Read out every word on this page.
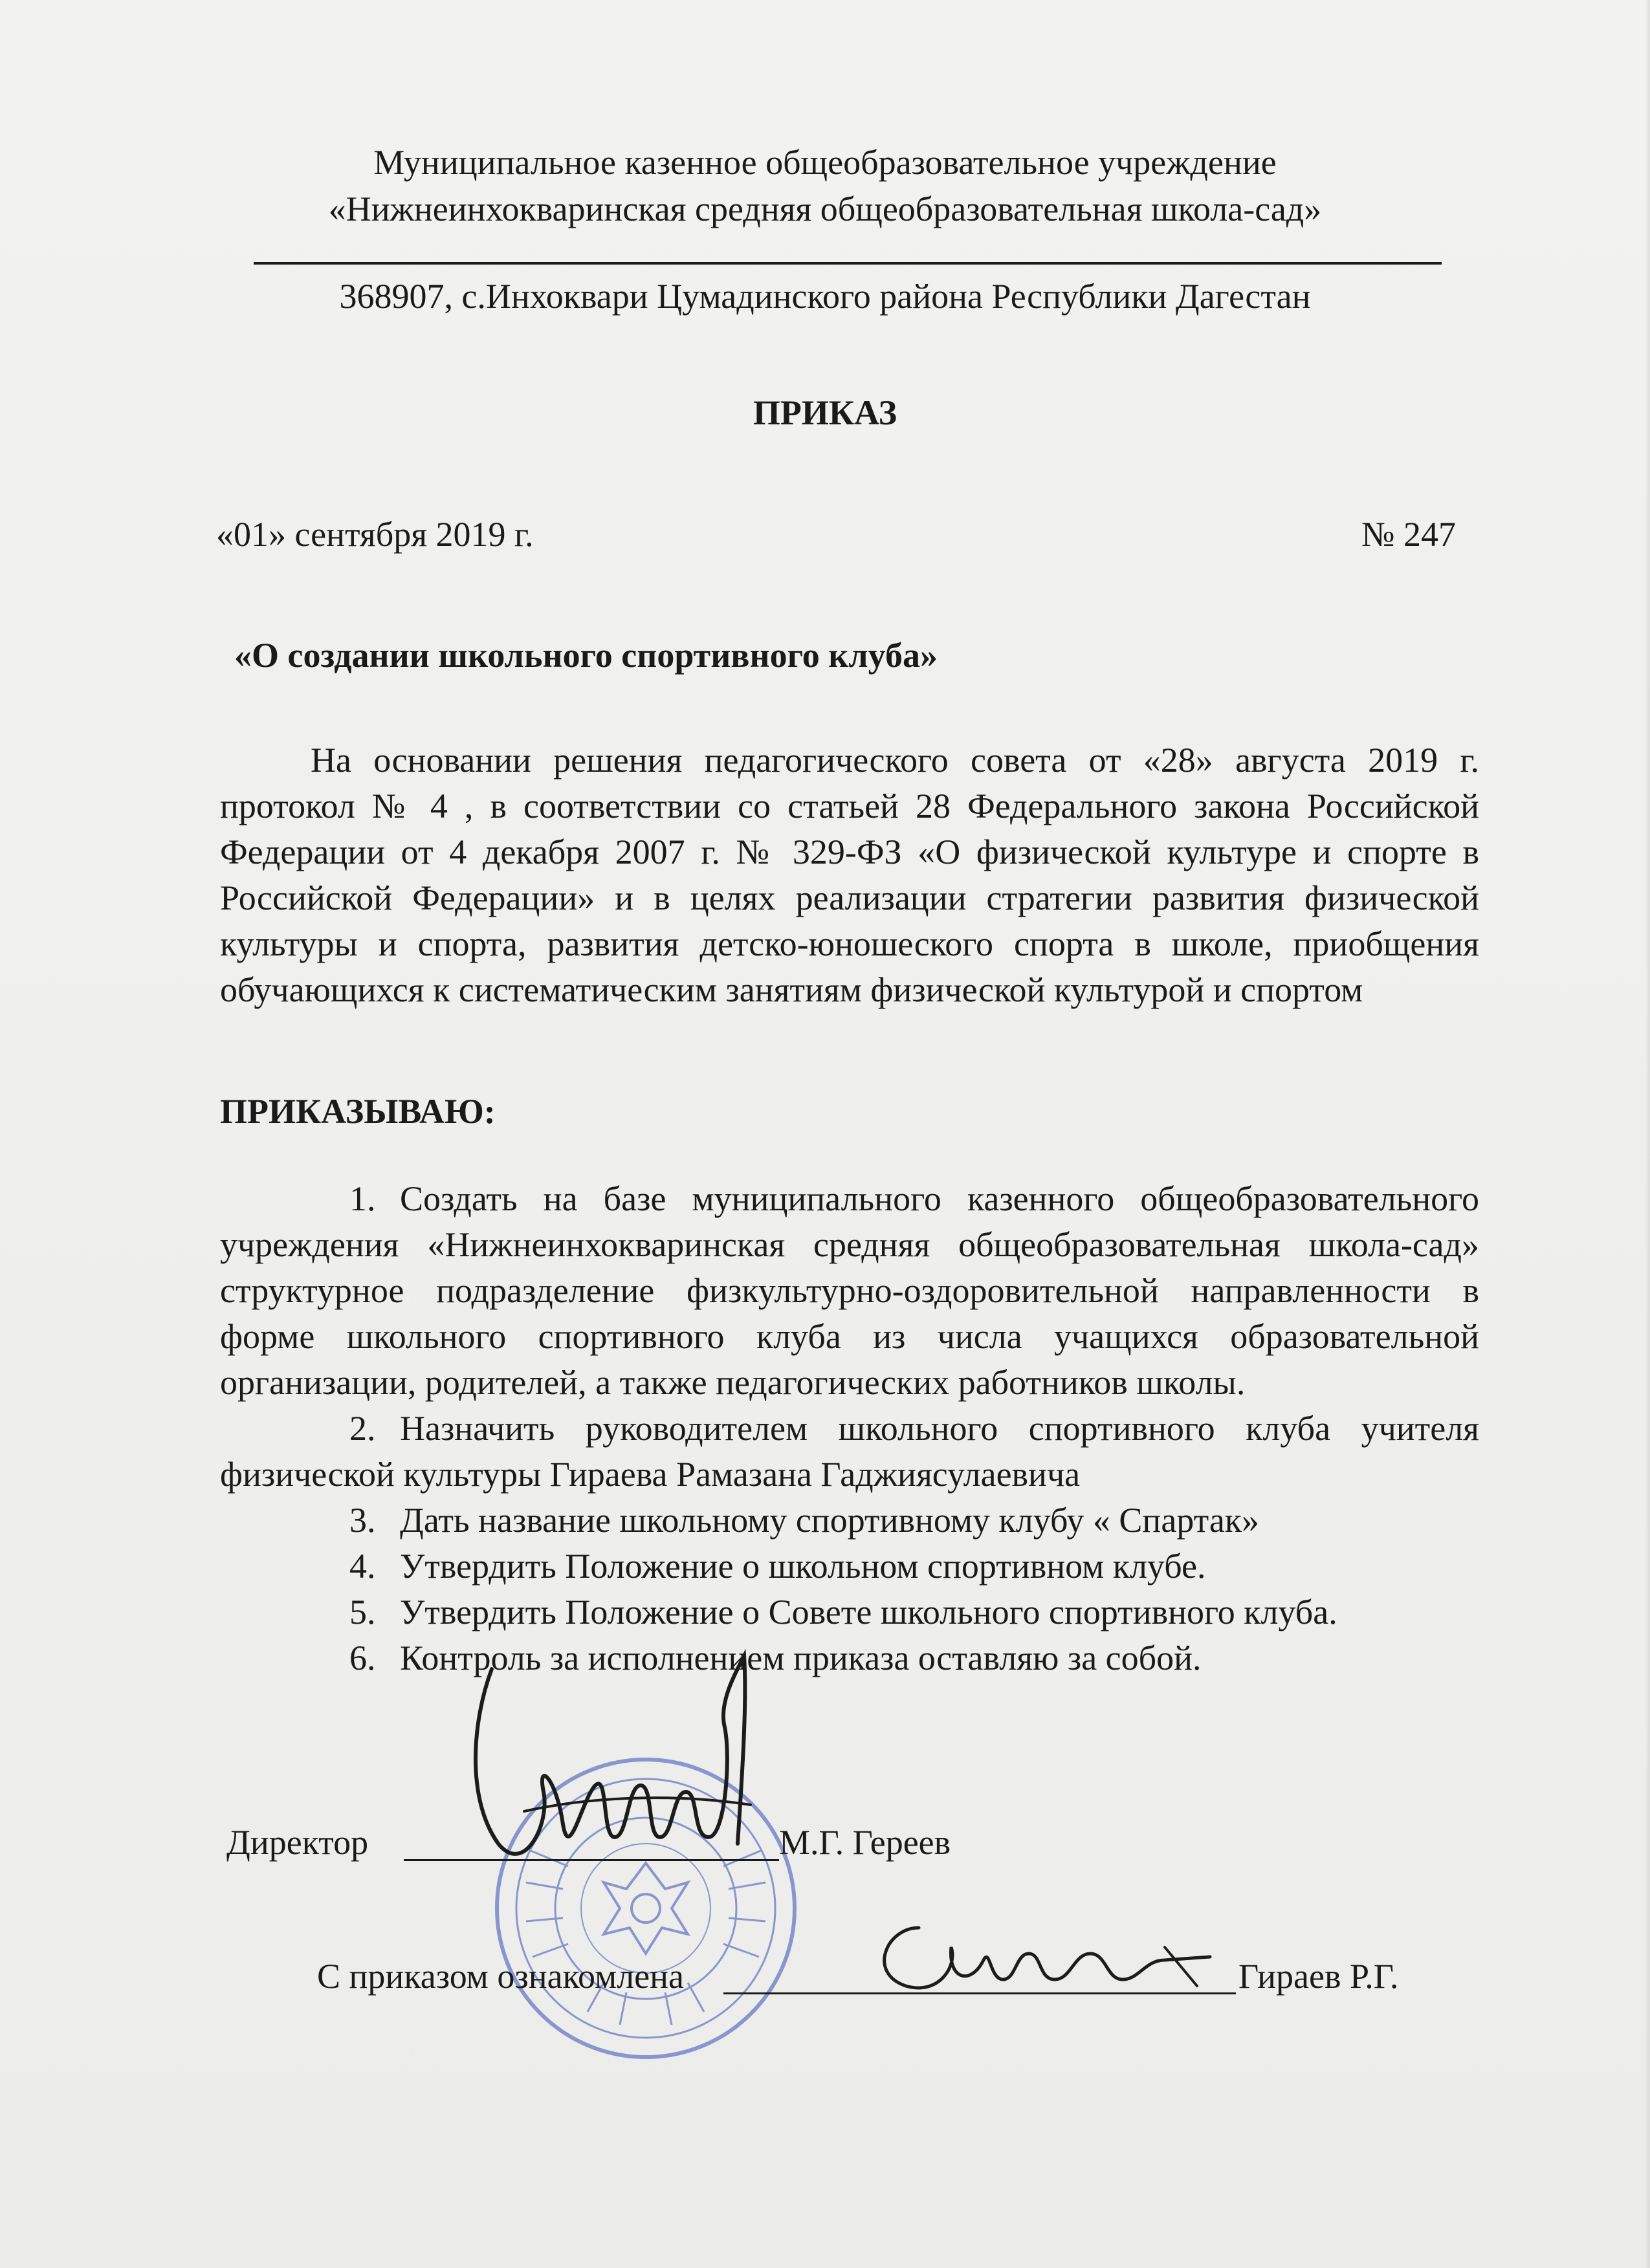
Муниципальное казенное общеобразовательное учреждение
«Нижнеинхокваринская средняя общеобразовательная школа-сад»
368907, с.Инхоквари Цумадинского района Республики Дагестан
ПРИКАЗ
«01» сентября 2019 г.	№ 247
«О создании школьного спортивного клуба»
На основании решения педагогического совета от «28» августа 2019 г. протокол № 4 , в соответствии со статьей 28 Федерального закона Российской Федерации от 4 декабря 2007 г. № 329-ФЗ «О физической культуре и спорте в Российской Федерации» и в целях реализации стратегии развития физической культуры и спорта, развития детско-юношеского спорта в школе, приобщения обучающихся к систематическим занятиям физической культурой и спортом
ПРИКАЗЫВАЮ:
1. Создать на базе муниципального казенного общеобразовательного учреждения «Нижнеинхокваринская средняя общеобразовательная школа-сад» структурное подразделение физкультурно-оздоровительной направленности в форме школьного спортивного клуба из числа учащихся образовательной организации, родителей, а также педагогических работников школы.
2. Назначить руководителем школьного спортивного клуба учителя физической культуры Гираева Рамазана Гаджиясулаевича
3. Дать название школьному спортивному клубу « Спартак»
4. Утвердить Положение о школьном спортивном клубе.
5. Утвердить Положение о Совете школьного спортивного клуба.
6. Контроль за исполнением приказа оставляю за собой.
Директор	М.Г. Гереев
С приказом ознакомлена	Гираев Р.Г.
